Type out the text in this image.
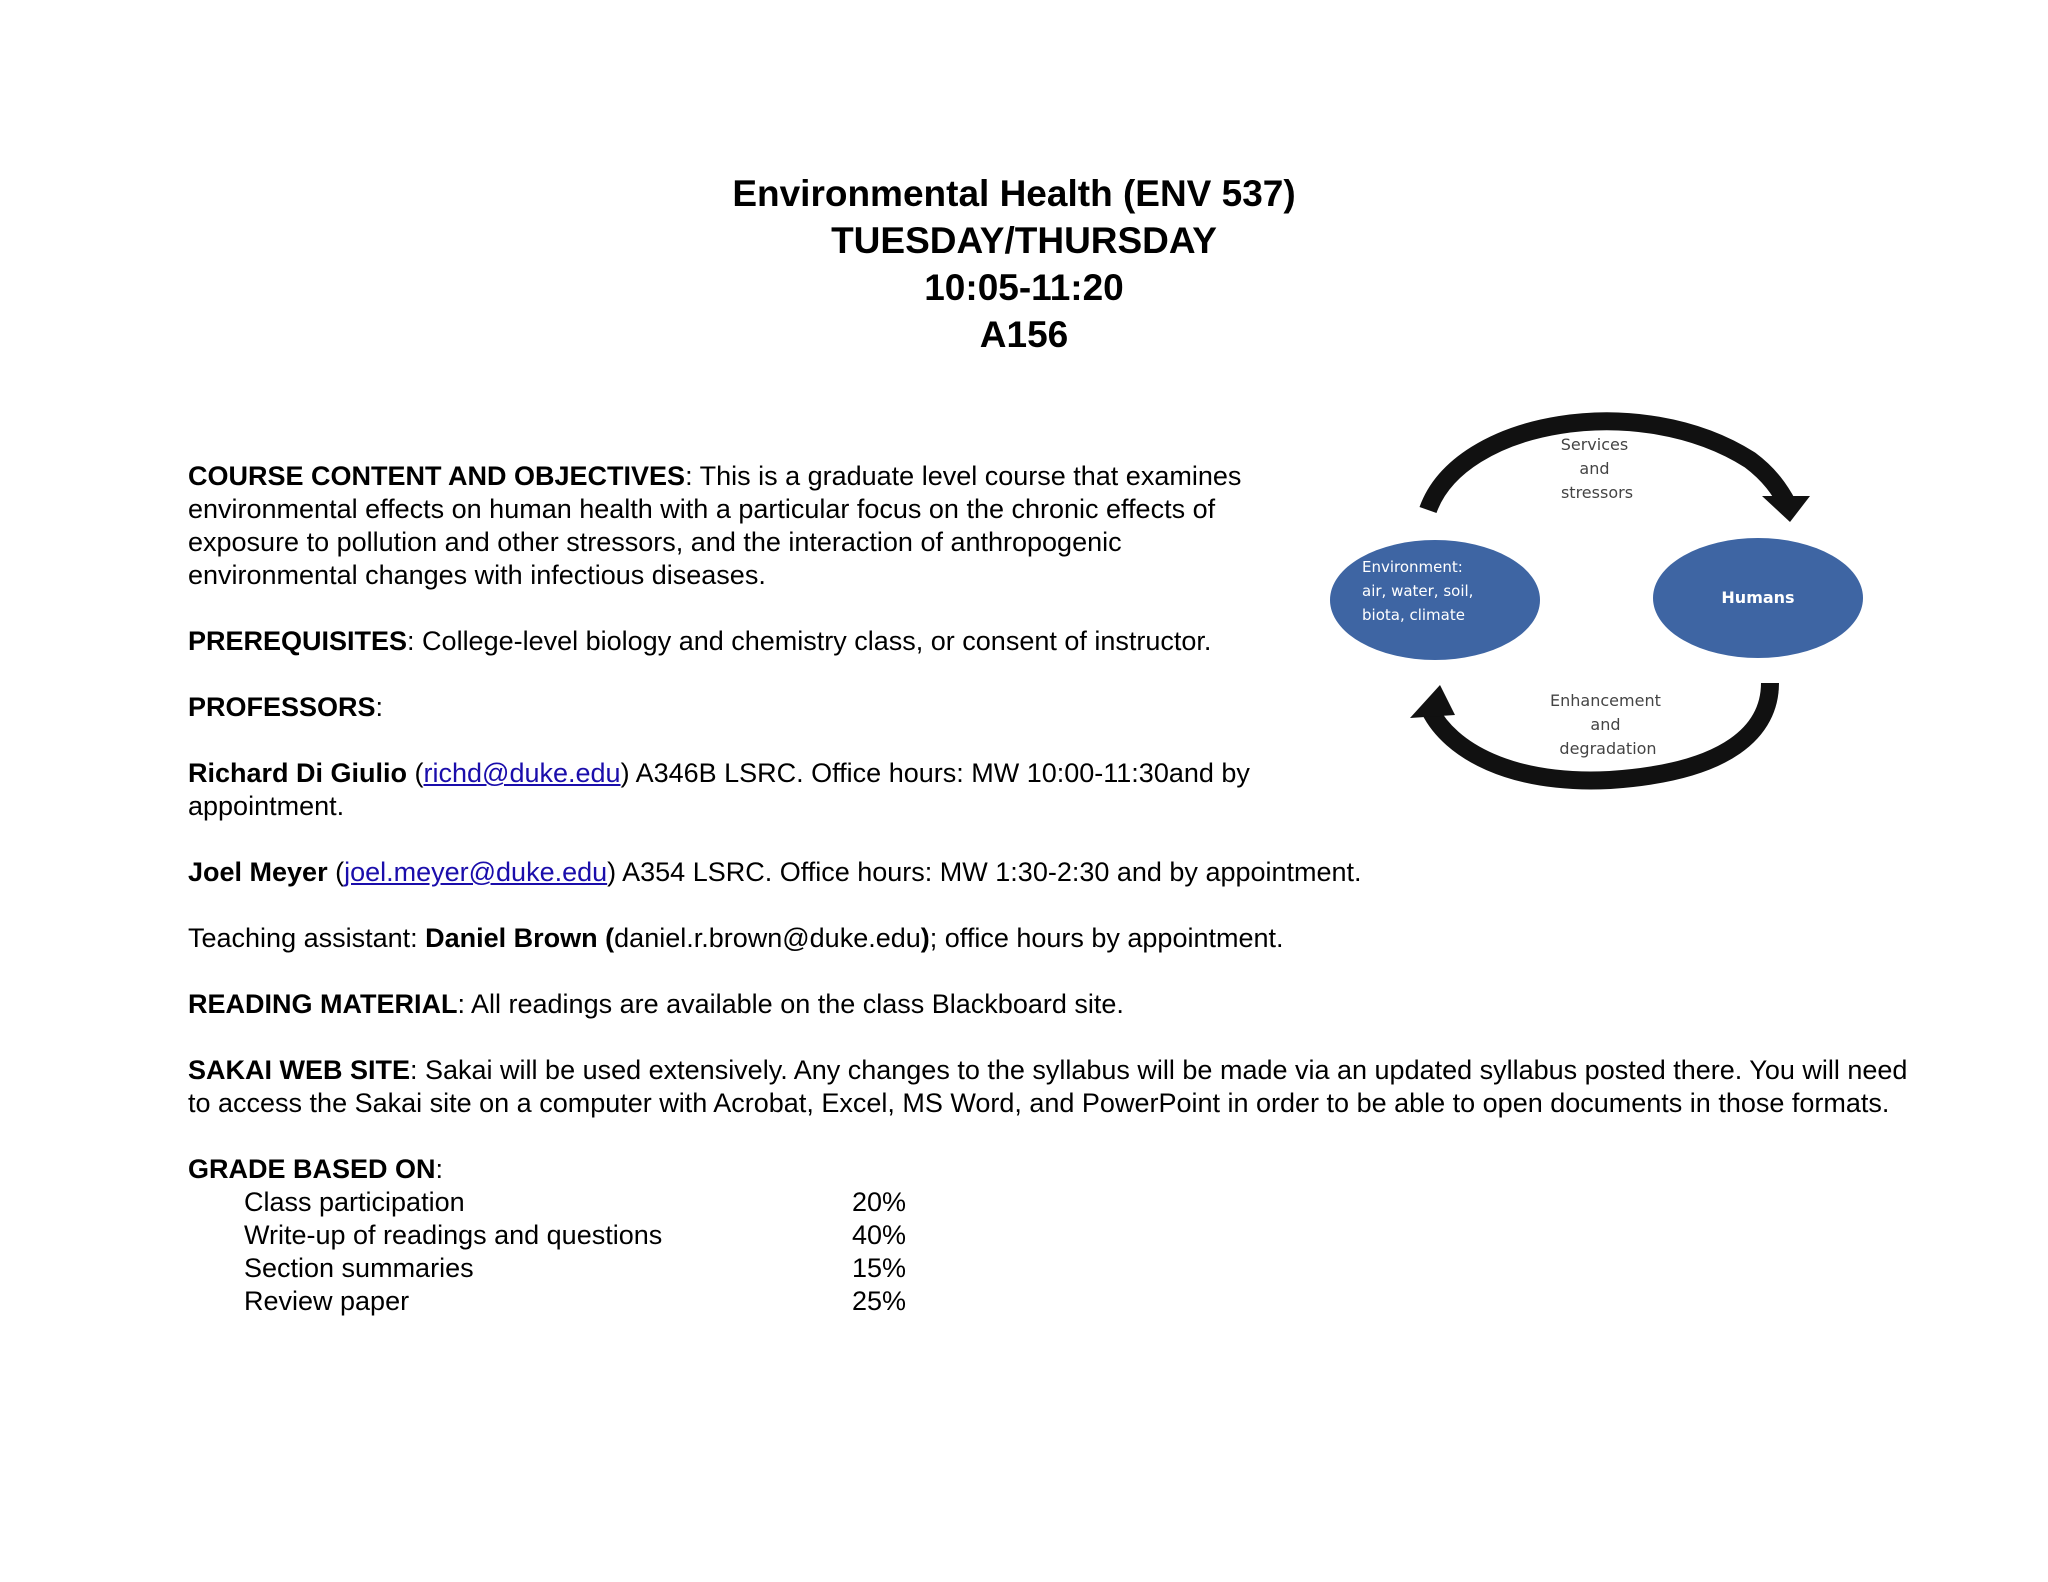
Environmental Health (ENV 537)
TUESDAY/THURSDAY
10:05-11:20
A156
Services and stressors
Enhancement and degradation
Environment: air, water, soil, biota, climate
Humans

COURSE CONTENT AND OBJECTIVES: This is a graduate level course that examines environmental effects on human health with a particular focus on the chronic effects of exposure to pollution and other stressors, and the interaction of anthropogenic environmental changes with infectious diseases.

PREREQUISITES: College-level biology and chemistry class, or consent of instructor.

PROFESSORS:

Richard Di Giulio (richd@duke.edu) A346B LSRC. Office hours: MW 10:00-11:30and by appointment.

Joel Meyer (joel.meyer@duke.edu) A354 LSRC. Office hours: MW 1:30-2:30 and by appointment.

Teaching assistant: Daniel Brown (daniel.r.brown@duke.edu); office hours by appointment.

READING MATERIAL: All readings are available on the class Blackboard site.

SAKAI WEB SITE: Sakai will be used extensively. Any changes to the syllabus will be made via an updated syllabus posted there. You will need to access the Sakai site on a computer with Acrobat, Excel, MS Word, and PowerPoint in order to be able to open documents in those formats.

GRADE BASED ON:
Class participation	20%
Write-up of readings and questions	40%
Section summaries	15%
Review paper	25%
